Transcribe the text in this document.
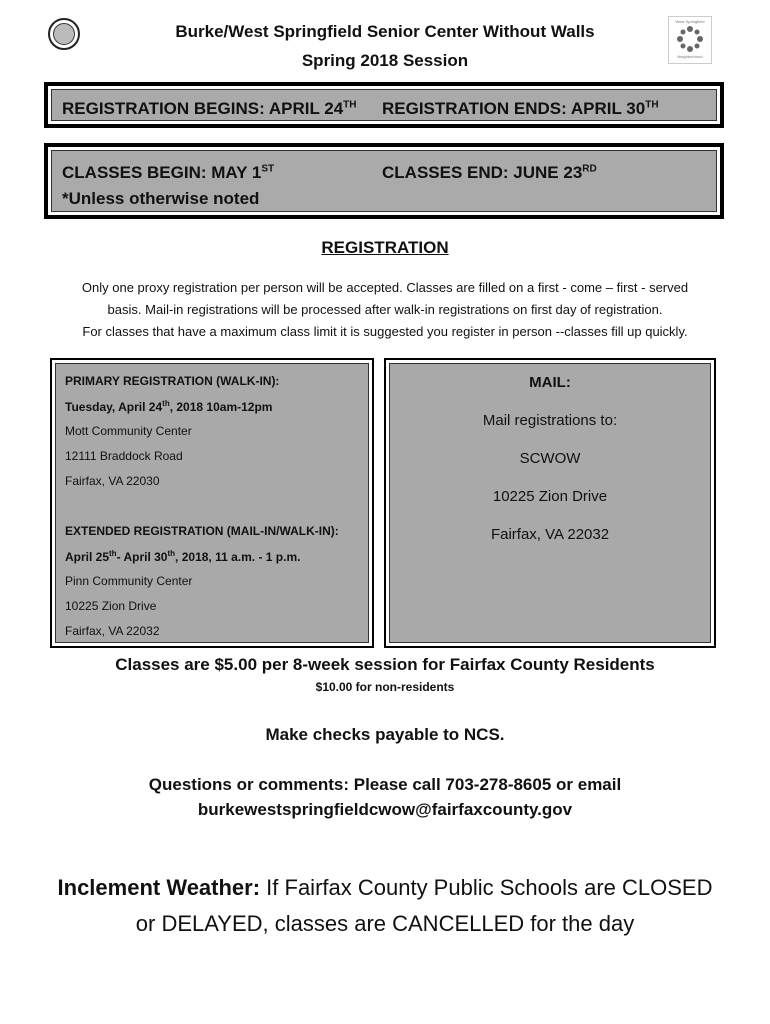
West Springfield
Neighborhood
Burke/West Springfield Senior Center Without Walls
Spring 2018 Session
REGISTRATION BEGINS: APRIL 24TH REGISTRATION ENDS: APRIL 30TH
CLASSES BEGIN: MAY 1ST	CLASSES END: JUNE 23RD
*Unless otherwise noted
REGISTRATION
Only one proxy registration per person will be accepted. Classes are filled on a first - come – first - served
basis. Mail-in registrations will be processed after walk-in registrations on first day of registration.
For classes that have a maximum class limit it is suggested you register in person --classes fill up quickly.
PRIMARY REGISTRATION (WALK-IN):
Tuesday, April 24th, 2018 10am-12pm
Mott Community Center
12111 Braddock Road
Fairfax, VA 22030
EXTENDED REGISTRATION (MAIL-IN/WALK-IN):
April 25th- April 30th, 2018, 11 a.m. - 1 p.m.
Pinn Community Center
10225 Zion Drive
Fairfax, VA 22032
MAIL:
Mail registrations to:
SCWOW
10225 Zion Drive
Fairfax, VA 22032
Classes are $5.00 per 8-week session for Fairfax County Residents
$10.00 for non-residents
Make checks payable to NCS.
Questions or comments: Please call 703-278-8605 or email
burkewestspringfieldcwow@fairfaxcounty.gov
Inclement Weather: If Fairfax County Public Schools are CLOSED
or DELAYED, classes are CANCELLED for the day
